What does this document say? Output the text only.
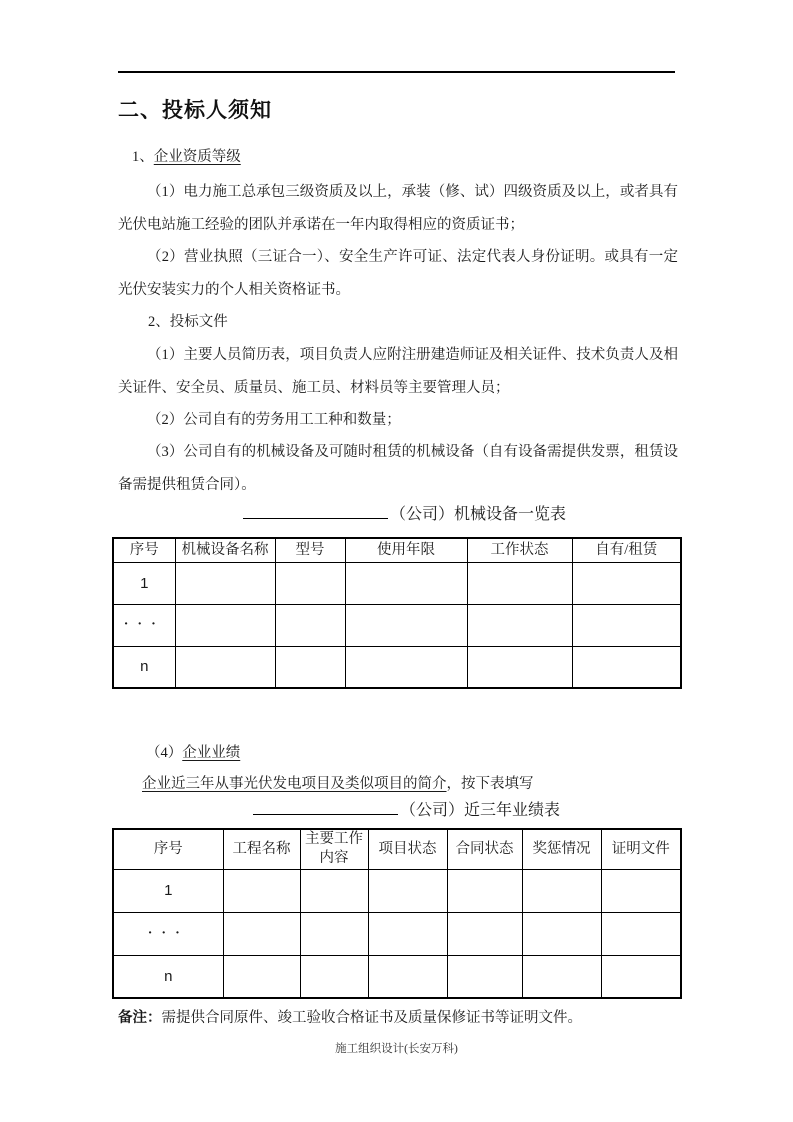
二、投标人须知
1、企业资质等级
（1）电力施工总承包三级资质及以上，承装（修、试）四级资质及以上，或者具有光伏电站施工经验的团队并承诺在一年内取得相应的资质证书；
（2）营业执照（三证合一）、安全生产许可证、法定代表人身份证明。或具有一定光伏安装实力的个人相关资格证书。
2、投标文件
（1）主要人员简历表，项目负责人应附注册建造师证及相关证件、技术负责人及相关证件、安全员、质量员、施工员、材料员等主要管理人员；
（2）公司自有的劳务用工工种和数量；
（3）公司自有的机械设备及可随时租赁的机械设备（自有设备需提供发票，租赁设备需提供租赁合同）。
（公司）机械设备一览表
序号	机械设备名称	型号	使用年限	工作状态	自有/租赁
1					
···					
n					
（4）企业业绩
企业近三年从事光伏发电项目及类似项目的简介，按下表填写
（公司）近三年业绩表
序号	工程名称	主要工作内容	项目状态	合同状态	奖惩情况	证明文件
1						
···						
n						
备注：需提供合同原件、竣工验收合格证书及质量保修证书等证明文件。
施工组织设计(长安万科)
